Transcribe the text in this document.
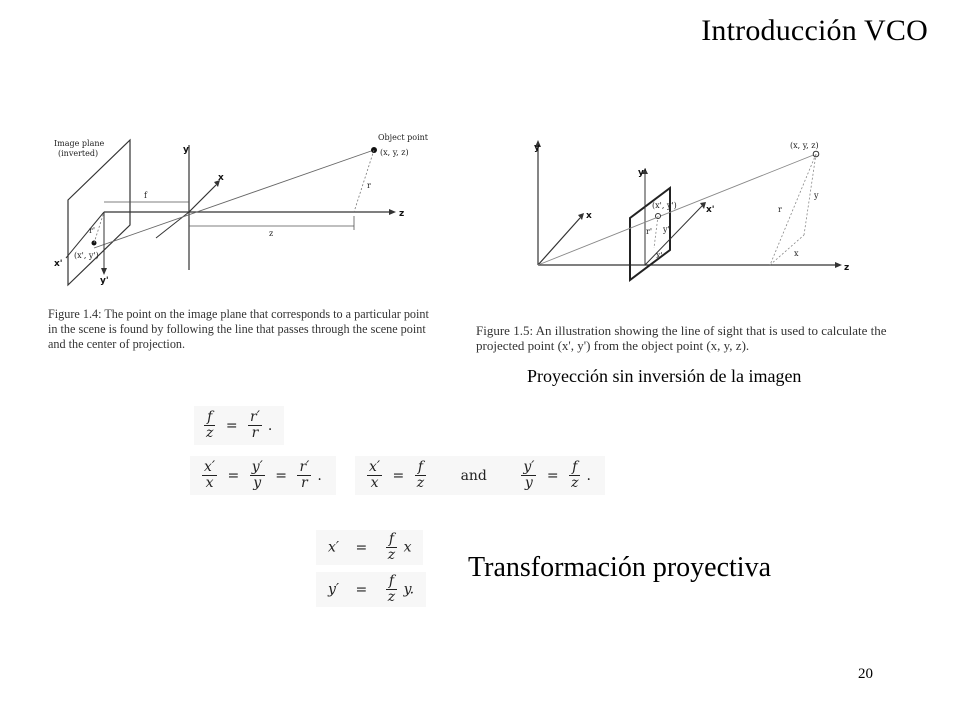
Introducción VCO
Image plane
(inverted)
Object point
(x, y, z)
y
x
z
f
z
r
r'
(x', y')
x'
y'
Figure 1.4: The point on the image plane that corresponds to a particular point in the scene is found by following the line that passes through the scene point and the center of projection.
(x, y, z)
(x', y')
y
y'
x
x'
z
r
y
x
r' y'
x'
Figure 1.5: An illustration showing the line of sight that is used to calculate the projected point (x', y') from the object point (x, y, z).
Proyección sin inversión de la imagen
$\frac{f}{z} = \frac{r'}{r}$ .
$\frac{x'}{x} = \frac{y'}{y} = \frac{r'}{r}$ .	$\frac{x'}{x} = \frac{f}{z}$ and $\frac{y'}{y} = \frac{f}{z}$ .
$x' = \frac{f}{z}$ x
$y' = \frac{f}{z} y$.
Transformación proyectiva
20
